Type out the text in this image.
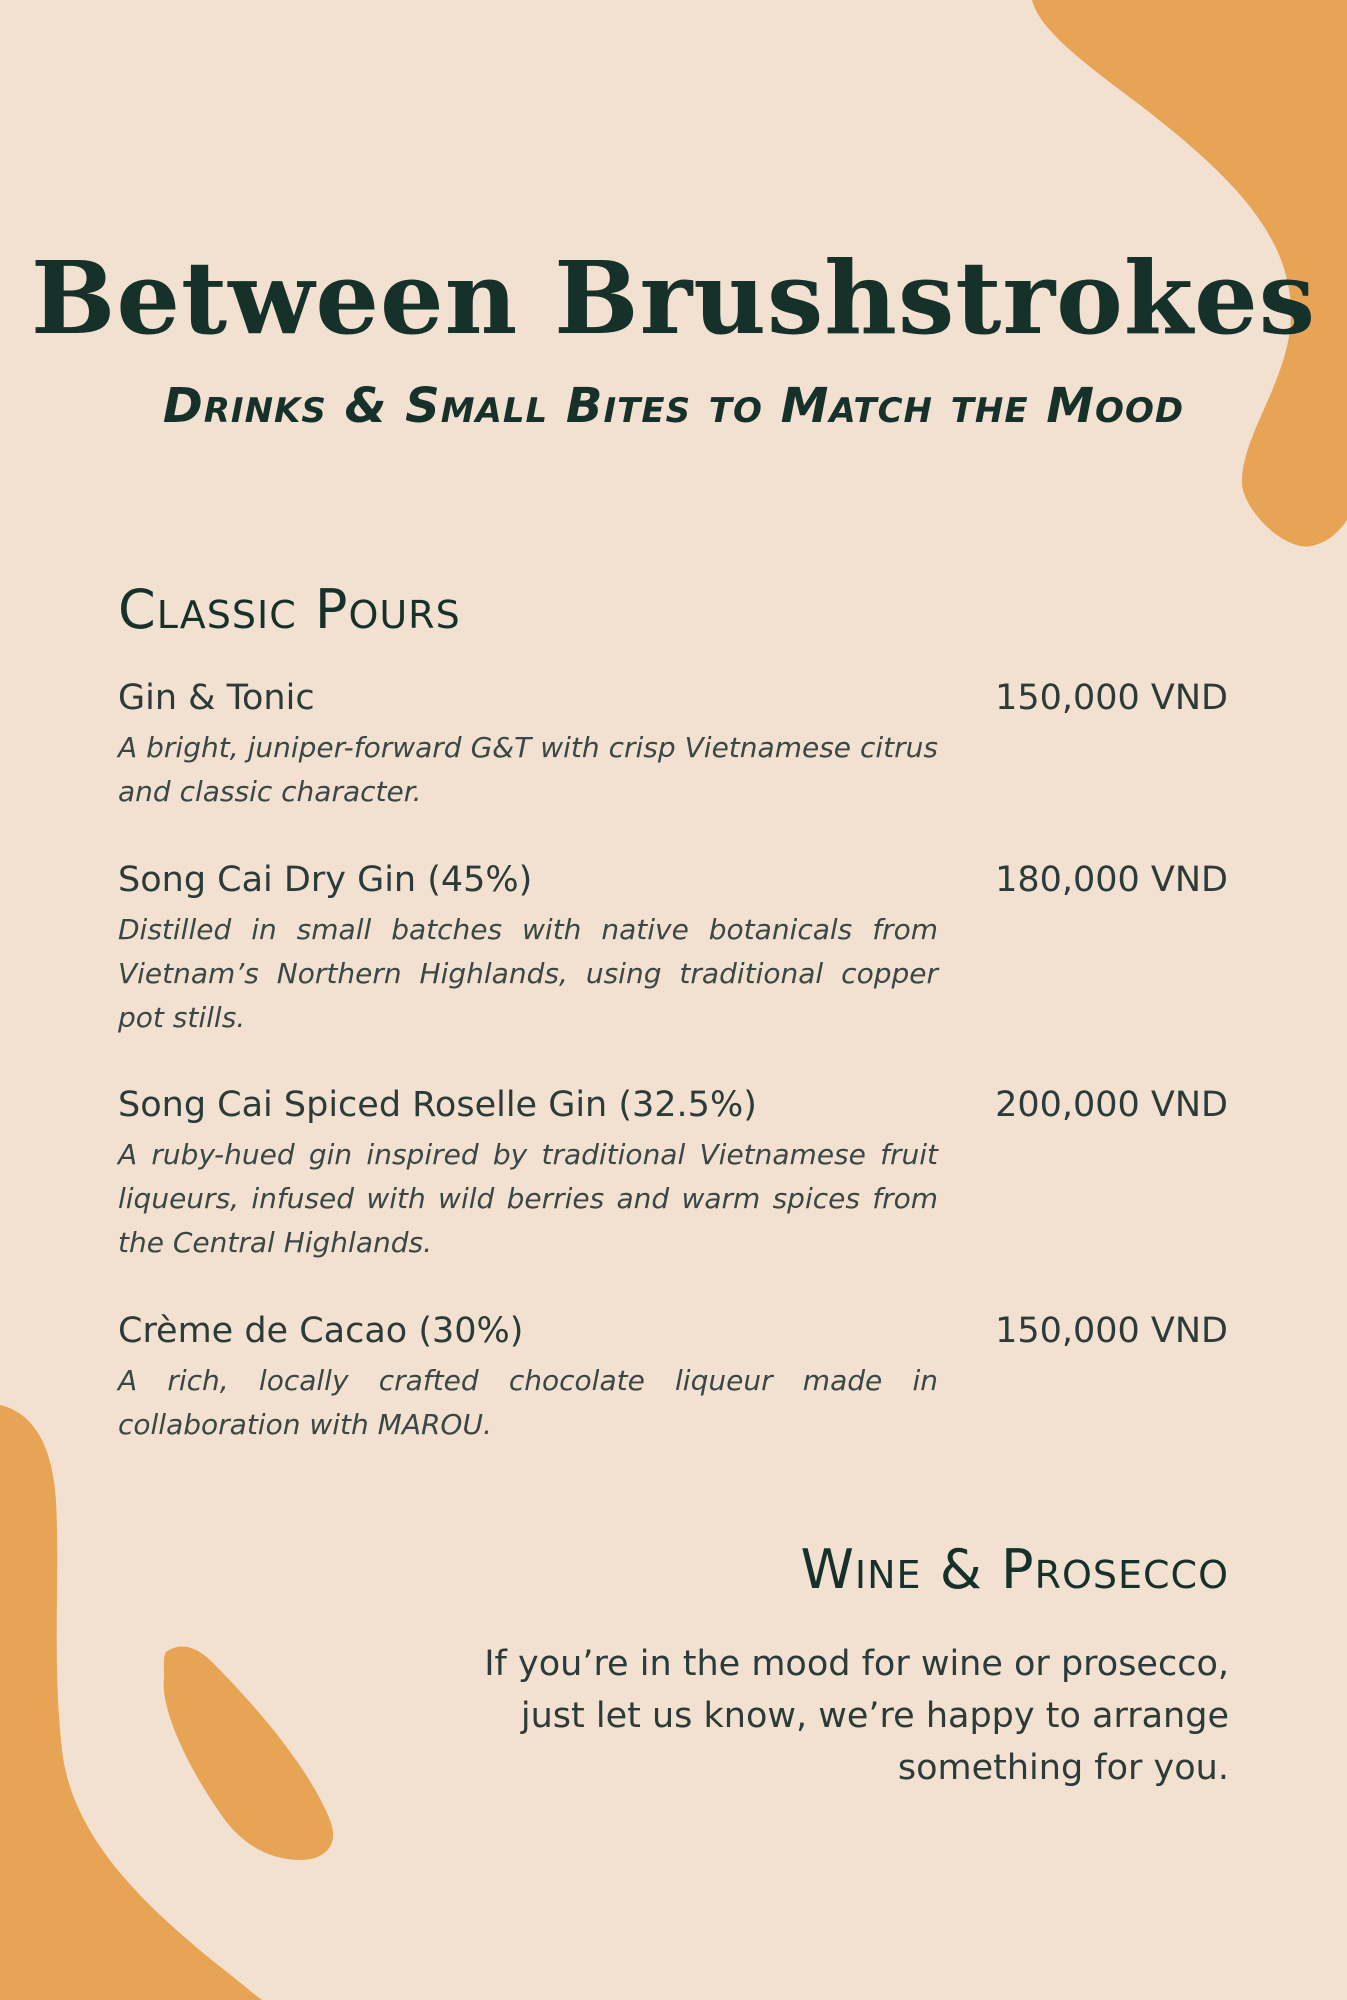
Between Brushstrokes
Drinks & Small Bites to Match the Mood
Classic Pours
Gin & Tonic	150,000 VND

A bright, juniper-forward G&T with crisp Vietnamese citrus and classic character.

Song Cai Dry Gin (45%)	180,000 VND

Distilled in small batches with native botanicals from Vietnam’s Northern Highlands, using traditional copper pot stills.

Song Cai Spiced Roselle Gin (32.5%)	200,000 VND

A ruby-hued gin inspired by traditional Vietnamese fruit liqueurs, infused with wild berries and warm spices from the Central Highlands.

Crème de Cacao (30%)	150,000 VND

A rich, locally crafted chocolate liqueur made in collaboration with MAROU.

Wine & Prosecco

If you’re in the mood for wine or prosecco, just let us know, we’re happy to arrange something for you.
